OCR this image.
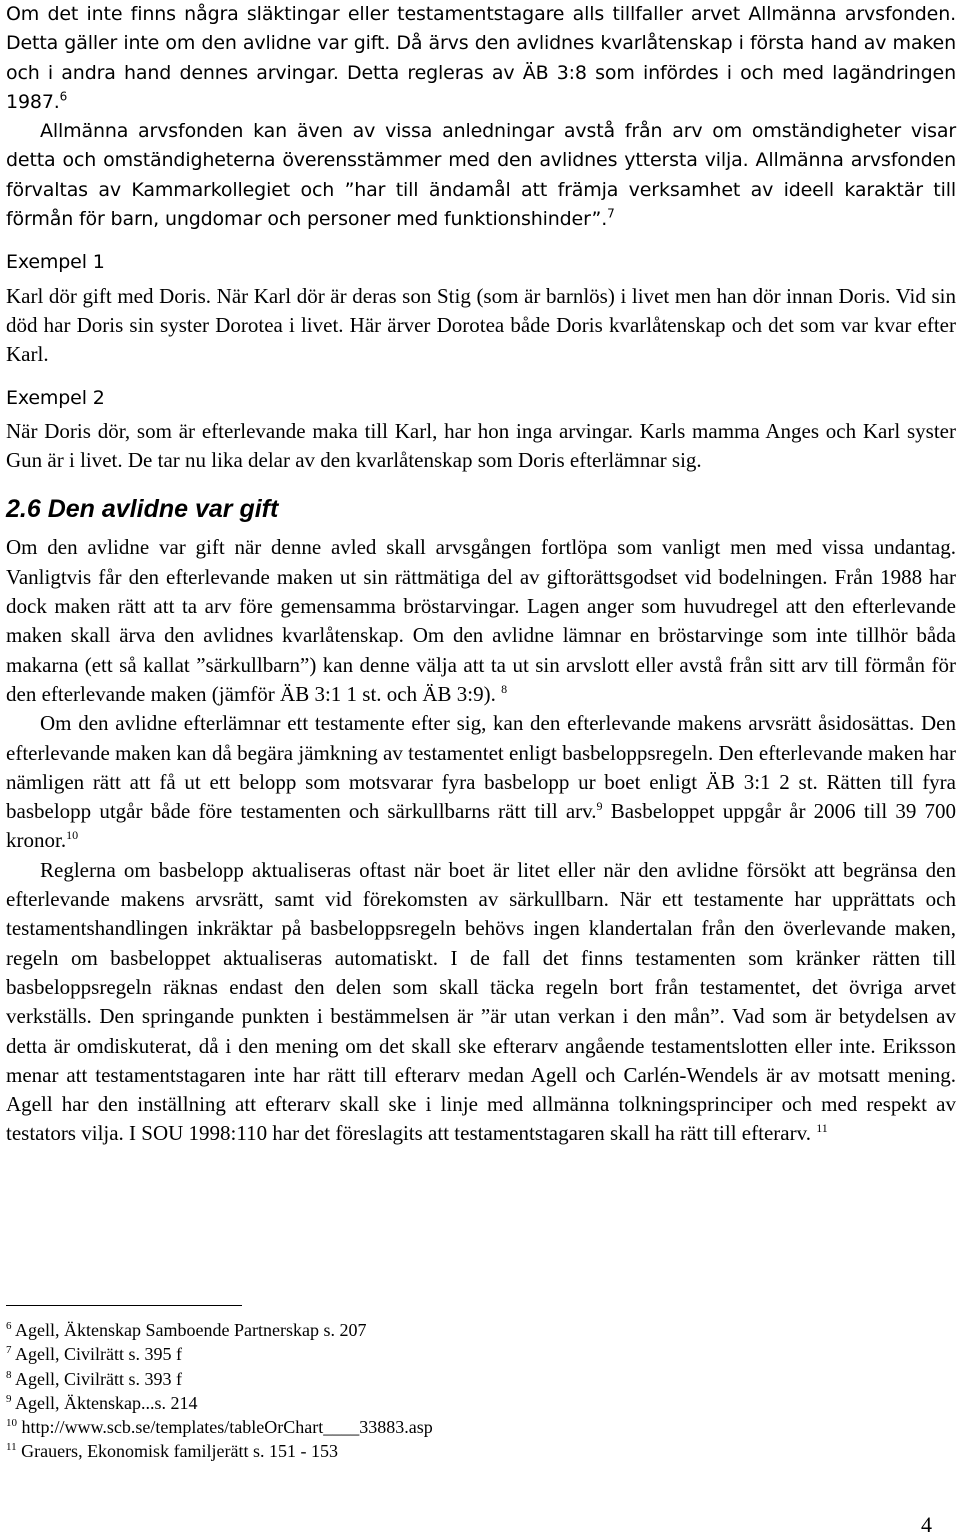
Om det inte finns några släktingar eller testamentstagare alls tillfaller arvet Allmänna arvsfonden. Detta gäller inte om den avlidne var gift. Då ärvs den avlidnes kvarlåtenskap i första hand av maken och i andra hand dennes arvingar. Detta regleras av ÄB 3:8 som infördes i och med lagändringen 1987.$^6$

Allmänna arvsfonden kan även av vissa anledningar avstå från arv om omständigheter visar detta och omständigheterna överensstämmer med den avlidnes yttersta vilja. Allmänna arvsfonden förvaltas av Kammarkollegiet och ”har till ändamål att främja verksamhet av ideell karaktär till förmån för barn, ungdomar och personer med funktionshinder”.$^7$

Exempel 1

Karl dör gift med Doris. När Karl dör är deras son Stig (som är barnlös) i livet men han dör innan Doris. Vid sin död har Doris sin syster Dorotea i livet. Här ärver Dorotea både Doris kvarlåtenskap och det som var kvar efter Karl.

Exempel 2

När Doris dör, som är efterlevande maka till Karl, har hon inga arvingar. Karls mamma Anges och Karl syster Gun är i livet. De tar nu lika delar av den kvarlåtenskap som Doris efterlämnar sig.

2.6 Den avlidne var gift

Om den avlidne var gift när denne avled skall arvsgången fortlöpa som vanligt men med vissa undantag. Vanligtvis får den efterlevande maken ut sin rättmätiga del av giftorättsgodset vid bodelningen. Från 1988 har dock maken rätt att ta arv före gemensamma bröstarvingar. Lagen anger som huvudregel att den efterlevande maken skall ärva den avlidnes kvarlåtenskap. Om den avlidne lämnar en bröstarvinge som inte tillhör båda makarna (ett så kallat ”särkullbarn”) kan denne välja att ta ut sin arvslott eller avstå från sitt arv till förmån för den efterlevande maken (jämför ÄB 3:1 1 st. och ÄB 3:9). $^8$

Om den avlidne efterlämnar ett testamente efter sig, kan den efterlevande makens arvsrätt åsidosättas. Den efterlevande maken kan då begära jämkning av testamentet enligt basbeloppsregeln. Den efterlevande maken har nämligen rätt att få ut ett belopp som motsvarar fyra basbelopp ur boet enligt ÄB 3:1 2 st. Rätten till fyra basbelopp utgår både före testamenten och särkullbarns rätt till arv.$^9$ Basbeloppet uppgår år 2006 till 39 700 kronor.$^{10}$

Reglerna om basbelopp aktualiseras oftast när boet är litet eller när den avlidne försökt att begränsa den efterlevande makens arvsrätt, samt vid förekomsten av särkullbarn. När ett testamente har upprättats och testamentshandlingen inkräktar på basbeloppsregeln behövs ingen klandertalan från den överlevande maken, regeln om basbeloppet aktualiseras automatiskt. I de fall det finns testamenten som kränker rätten till basbeloppsregeln räknas endast den delen som skall täcka regeln bort från testamentet, det övriga arvet verkställs. Den springande punkten i bestämmelsen är ”är utan verkan i den mån”. Vad som är betydelsen av detta är omdiskuterat, då i den mening om det skall ske efterarv angående testamentslotten eller inte. Eriksson menar att testamentstagaren inte har rätt till efterarv medan Agell och Carlén-Wendels är av motsatt mening. Agell har den inställning att efterarv skall ske i linje med allmänna tolkningsprinciper och med respekt av testators vilja. I SOU 1998:110 har det föreslagits att testamentstagaren skall ha rätt till efterarv. $^{11}$

$^6$ Agell, Äktenskap Samboende Partnerskap s. 207
$^7$ Agell, Civilrätt s. 395 f
$^8$ Agell, Civilrätt s. 393 f
$^9$ Agell, Äktenskap...s. 214
$^{10}$ http://www.scb.se/templates/tableOrChart____33883.asp
$^{11}$ Grauers, Ekonomisk familjerätt s. 151 - 153
4
